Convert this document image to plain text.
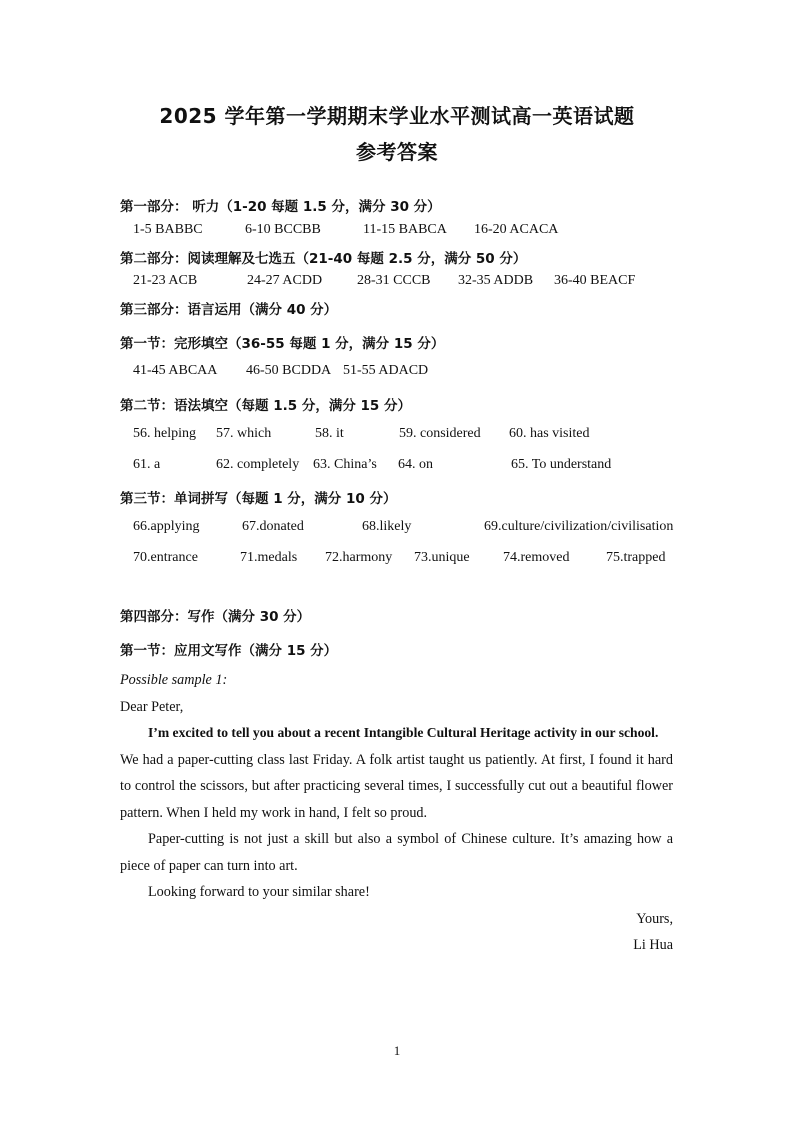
2025 学年第一学期期末学业水平测试高一英语试题
参考答案
第一部分： 听力（1-20 每题 1.5 分，满分 30 分）
1-5 BABBC	6-10 BCCBB	11-15 BABCA 16-20 ACACA
第二部分：阅读理解及七选五（21-40 每题 2.5 分，满分 50 分）
21-23 ACB	24-27 ACDD 28-31 CCCB 32-35 ADDB 36-40 BEACF
第三部分：语言运用（满分 40 分）
第一节：完形填空（36-55 每题 1 分，满分 15 分）
41-45 ABCAA 46-50 BCDDA 51-55 ADACD
第二节：语法填空（每题 1.5 分，满分 15 分）
56. helping 57. which	58. it	59. considered 60. has visited
61. a	62. completely 63. China’s 64. on	65. To understand
第三节：单词拼写（每题 1 分，满分 10 分）
66.applying	67.donated	68.likely	69.culture/civilization/civilisation
70.entrance	71.medals 72.harmony 73.unique 74.removed	75.trapped
第四部分：写作（满分 30 分）
第一节：应用文写作（满分 15 分）

Possible sample 1:

Dear Peter,

I’m excited to tell you about a recent Intangible Cultural Heritage activity in our school.

We had a paper-cutting class last Friday. A folk artist taught us patiently. At first, I found it hard to control the scissors, but after practicing several times, I successfully cut out a beautiful flower pattern. When I held my work in hand, I felt so proud.

Paper-cutting is not just a skill but also a symbol of Chinese culture. It’s amazing how a piece of paper can turn into art.

Looking forward to your similar share!

Yours,

Li Hua

1
